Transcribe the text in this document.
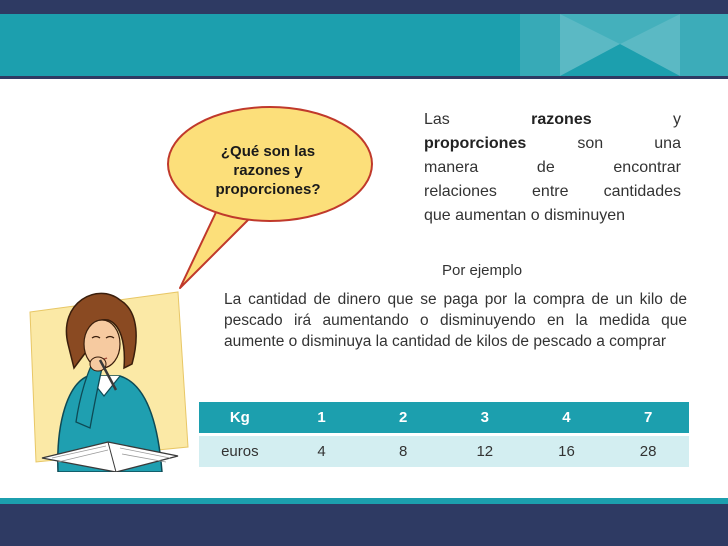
¿Qué son las
razones y
proporciones?
Las	razones	y
proporciones	son	una
manera de encontrar
relaciones entre cantidades
que aumentan o disminuyen
Por ejemplo
La cantidad de dinero que se paga por la compra de un kilo de pescado irá aumentando o disminuyendo en la medida que aumente o disminuya la cantidad de kilos de pescado a comprar
Kg	1	2	3	4	7
euros	4	8	12	16	28
